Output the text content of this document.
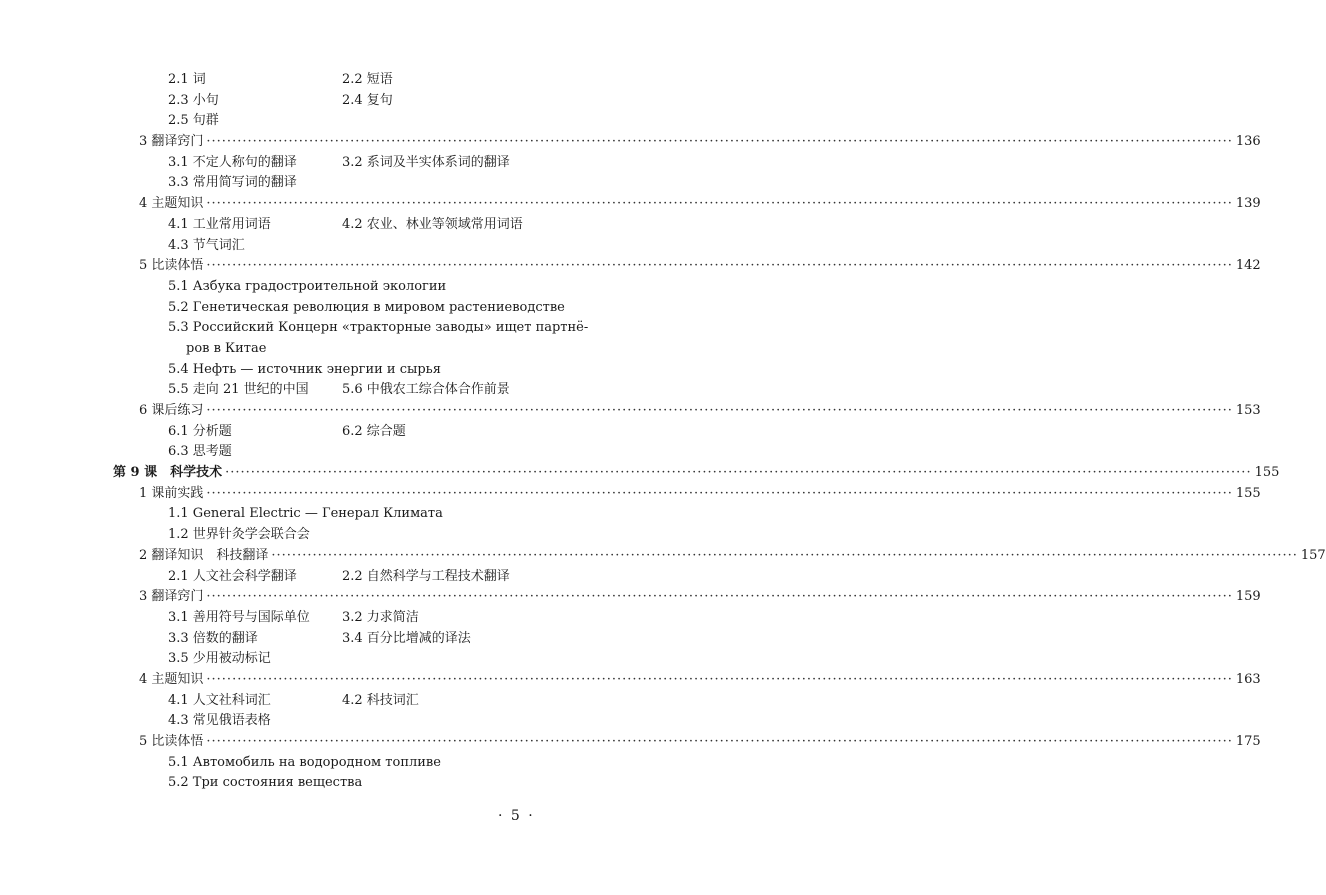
2.1 词	2.2 短语
2.3 小句	2.4 复句
2.5 句群
3 翻译窍门 ········································································································································································································ 136
3.1 不定人称句的翻译	3.2 系词及半实体系词的翻译
3.3 常用简写词的翻译
4 主题知识 ········································································································································································································ 139
4.1 工业常用词语	4.2 农业、林业等领域常用词语
4.3 节气词汇
5 比读体悟 ········································································································································································································ 142
5.1 Азбука градостроительной экологии
5.2 Генетическая революция в мировом растениеводстве
5.3 Российский Концерн «тракторные заводы» ищет партнё-
ров в Китае
5.4 Нефть — источник энергии и сырья
5.5 走向 21 世纪的中国	5.6 中俄农工综合体合作前景
6 课后练习 ········································································································································································································ 153
6.1 分析题	6.2 综合题
6.3 思考题
第 9 课　科学技术 ········································································································································································································ 155
1 课前实践 ········································································································································································································ 155
1.1 General Electric — Генерал Климата
1.2 世界针灸学会联合会
2 翻译知识　科技翻译 ········································································································································································································ 157
2.1 人文社会科学翻译	2.2 自然科学与工程技术翻译
3 翻译窍门 ········································································································································································································ 159
3.1 善用符号与国际单位 3.2 力求简洁
3.3 倍数的翻译	3.4 百分比增减的译法
3.5 少用被动标记
4 主题知识 ········································································································································································································ 163
4.1 人文社科词汇	4.2 科技词汇
4.3 常见俄语表格
5 比读体悟 ········································································································································································································ 175
5.1 Автомобиль на водородном топливе
5.2 Три состояния вещества
· 5 ·
